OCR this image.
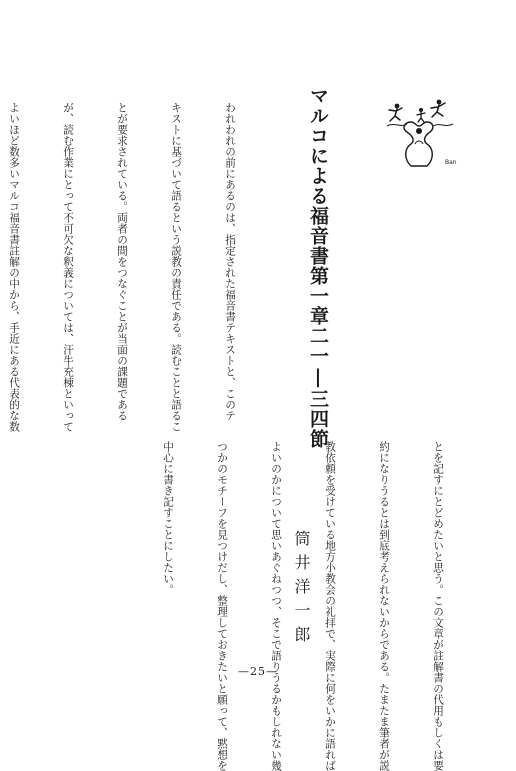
Ban
マルコによる福音書第一章二一|三四節
筒井洋一郎

われわれの前にあるのは、指定された福音書テキストと、このテ

キストに基づいて語るという説教の責任である。読むことと語るこ

とが要求されている。両者の間をつなぐことが当面の課題である

が、読む作業にとって不可欠な釈義については、汗牛充棟といって

よいほど数多いマルコ福音書註解の中から、手近にある代表的な数

とを記すにとどめたいと思う。この文章が註解書の代用もしくは要

約になりうるとは到底考えられないからである。たまたま筆者が説

教依頼を受けている地方小教会の礼拝で、実際に何をいかに語れば

よいのかについて思いあぐねつつ、そこで語りうるかもしれない幾

つかのモチーフを見つけだし、整理しておきたいと願って、黙想を

中心に書き記すことにしたい。

—25—
